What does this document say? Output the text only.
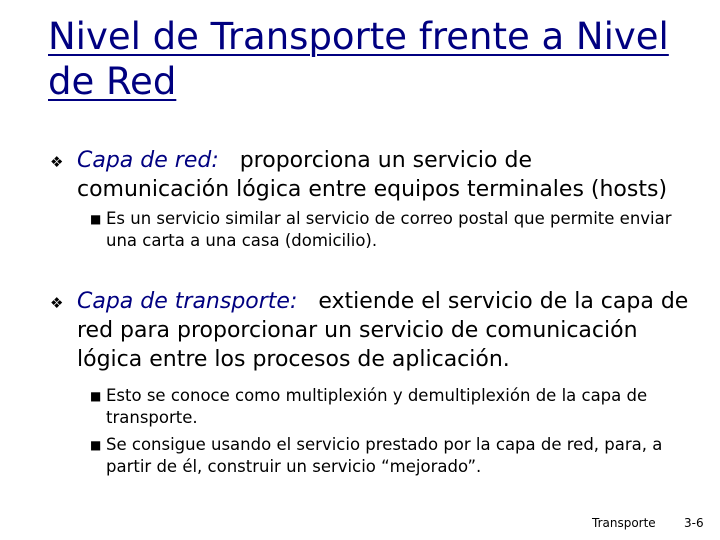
Nivel de Transporte frente a Nivel de Red
❖ Capa de red: proporciona un servicio de comunicación lógica entre equipos terminales (hosts)
■ Es un servicio similar al servicio de correo postal que permite enviar una carta a una casa (domicilio).
❖ Capa de transporte: extiende el servicio de la capa de red para proporcionar un servicio de comunicación lógica entre los procesos de aplicación.
■ Esto se conoce como multiplexión y demultiplexión de la capa de transporte.
■ Se consigue usando el servicio prestado por la capa de red, para, a partir de él, construir un servicio “mejorado”.
Transporte 3-6
